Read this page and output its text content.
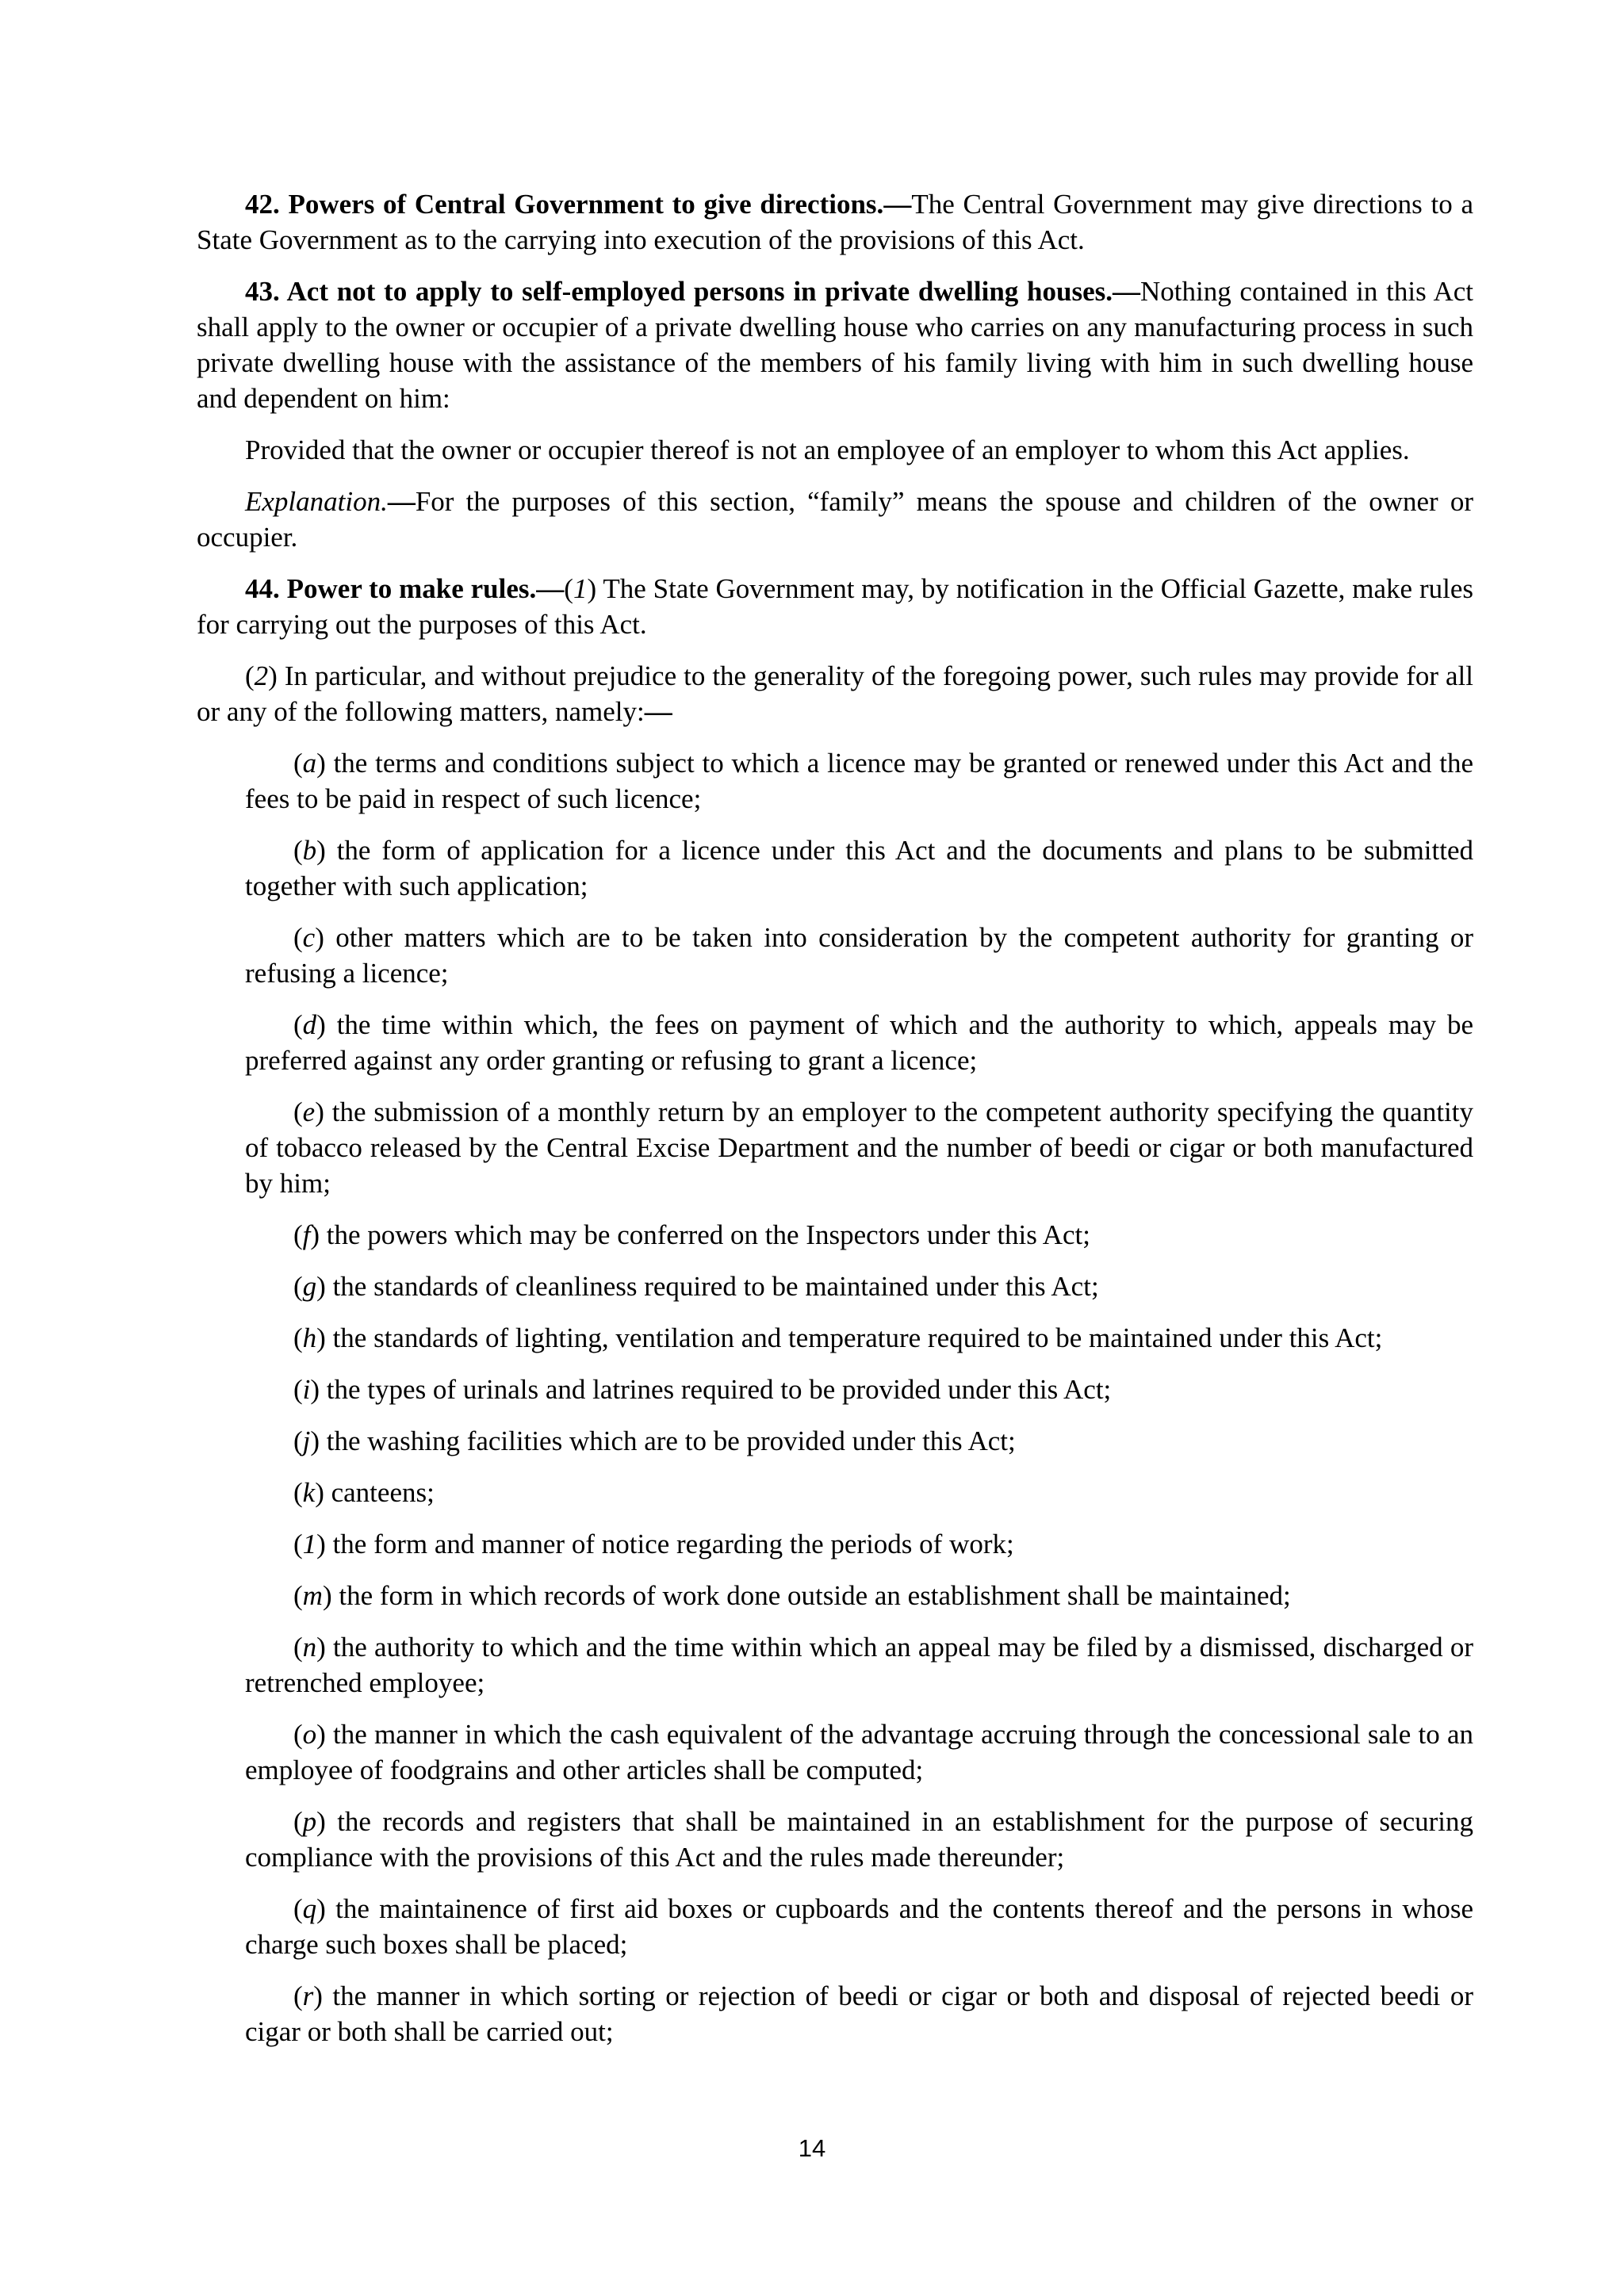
42. Powers of Central Government to give directions.—The Central Government may give directions to a State Government as to the carrying into execution of the provisions of this Act.

43. Act not to apply to self-employed persons in private dwelling houses.—Nothing contained in this Act shall apply to the owner or occupier of a private dwelling house who carries on any manufacturing process in such private dwelling house with the assistance of the members of his family living with him in such dwelling house and dependent on him:

Provided that the owner or occupier thereof is not an employee of an employer to whom this Act applies.

Explanation.—For the purposes of this section, “family” means the spouse and children of the owner or occupier.

44. Power to make rules.—(1) The State Government may, by notification in the Official Gazette, make rules for carrying out the purposes of this Act.

(2) In particular, and without prejudice to the generality of the foregoing power, such rules may provide for all or any of the following matters, namely:—

(a) the terms and conditions subject to which a licence may be granted or renewed under this Act and the fees to be paid in respect of such licence;

(b) the form of application for a licence under this Act and the documents and plans to be submitted together with such application;

(c) other matters which are to be taken into consideration by the competent authority for granting or refusing a licence;

(d) the time within which, the fees on payment of which and the authority to which, appeals may be preferred against any order granting or refusing to grant a licence;

(e) the submission of a monthly return by an employer to the competent authority specifying the quantity of tobacco released by the Central Excise Department and the number of beedi or cigar or both manufactured by him;

(f) the powers which may be conferred on the Inspectors under this Act;

(g) the standards of cleanliness required to be maintained under this Act;

(h) the standards of lighting, ventilation and temperature required to be maintained under this Act;

(i) the types of urinals and latrines required to be provided under this Act;

(j) the washing facilities which are to be provided under this Act;

(k) canteens;

(1) the form and manner of notice regarding the periods of work;

(m) the form in which records of work done outside an establishment shall be maintained;

(n) the authority to which and the time within which an appeal may be filed by a dismissed, discharged or retrenched employee;

(o) the manner in which the cash equivalent of the advantage accruing through the concessional sale to an employee of foodgrains and other articles shall be computed;

(p) the records and registers that shall be maintained in an establishment for the purpose of securing compliance with the provisions of this Act and the rules made thereunder;

(q) the maintainence of first aid boxes or cupboards and the contents thereof and the persons in whose charge such boxes shall be placed;

(r) the manner in which sorting or rejection of beedi or cigar or both and disposal of rejected beedi or cigar or both shall be carried out;

14
